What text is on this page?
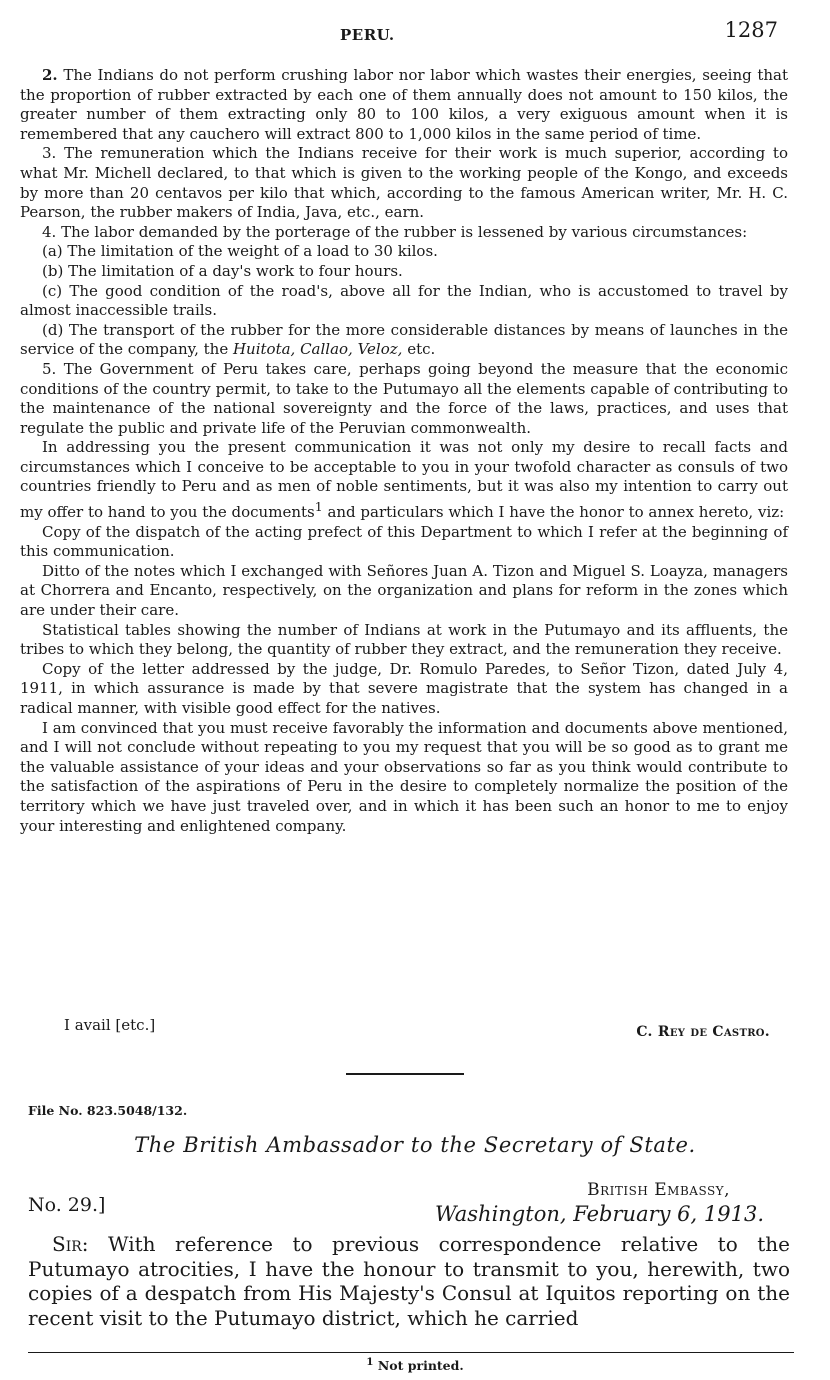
PERU.	1287

2. The Indians do not perform crushing labor nor labor which wastes their energies, seeing that the proportion of rubber extracted by each one of them annually does not amount to 150 kilos, the greater number of them extracting only 80 to 100 kilos, a very exiguous amount when it is remembered that any cauchero will extract 800 to 1,000 kilos in the same period of time.

3. The remuneration which the Indians receive for their work is much superior, according to what Mr. Michell declared, to that which is given to the working people of the Kongo, and exceeds by more than 20 centavos per kilo that which, according to the famous American writer, Mr. H. C. Pearson, the rubber makers of India, Java, etc., earn.

4. The labor demanded by the porterage of the rubber is lessened by various circumstances:

(a) The limitation of the weight of a load to 30 kilos.

(b) The limitation of a day's work to four hours.

(c) The good condition of the road's, above all for the Indian, who is accustomed to travel by almost inaccessible trails.

(d) The transport of the rubber for the more considerable distances by means of launches in the service of the company, the Huitota, Callao, Veloz, etc.

5. The Government of Peru takes care, perhaps going beyond the measure that the economic conditions of the country permit, to take to the Putumayo all the elements capable of contributing to the maintenance of the national sovereignty and the force of the laws, practices, and uses that regulate the public and private life of the Peruvian commonwealth.

In addressing you the present communication it was not only my desire to recall facts and circumstances which I conceive to be acceptable to you in your twofold character as consuls of two countries friendly to Peru and as men of noble sentiments, but it was also my intention to carry out my offer to hand to you the documents$^1$ and particulars which I have the honor to annex hereto, viz:

Copy of the dispatch of the acting prefect of this Department to which I refer at the beginning of this communication.

Ditto of the notes which I exchanged with Señores Juan A. Tizon and Miguel S. Loayza, managers at Chorrera and Encanto, respectively, on the organization and plans for reform in the zones which are under their care.

Statistical tables showing the number of Indians at work in the Putumayo and its affluents, the tribes to which they belong, the quantity of rubber they extract, and the remuneration they receive.

Copy of the letter addressed by the judge, Dr. Romulo Paredes, to Señor Tizon, dated July 4, 1911, in which assurance is made by that severe magistrate that the system has changed in a radical manner, with visible good effect for the natives.

I am convinced that you must receive favorably the information and documents above mentioned, and I will not conclude without repeating to you my request that you will be so good as to grant me the valuable assistance of your ideas and your observations so far as you think would contribute to the satisfaction of the aspirations of Peru in the desire to completely normalize the position of the territory which we have just traveled over, and in which it has been such an honor to me to enjoy your interesting and enlightened company.

I avail [etc.]	C. Rey de Castro.
File No. 823.5048/132.
The British Ambassador to the Secretary of State.
No. 29.]
British Embassy,
Washington, February 6, 1913.

Sir: With reference to previous correspondence relative to the Putumayo atrocities, I have the honour to transmit to you, herewith, two copies of a despatch from His Majesty's Consul at Iquitos reporting on the recent visit to the Putumayo district, which he carried

$^1$ Not printed.
